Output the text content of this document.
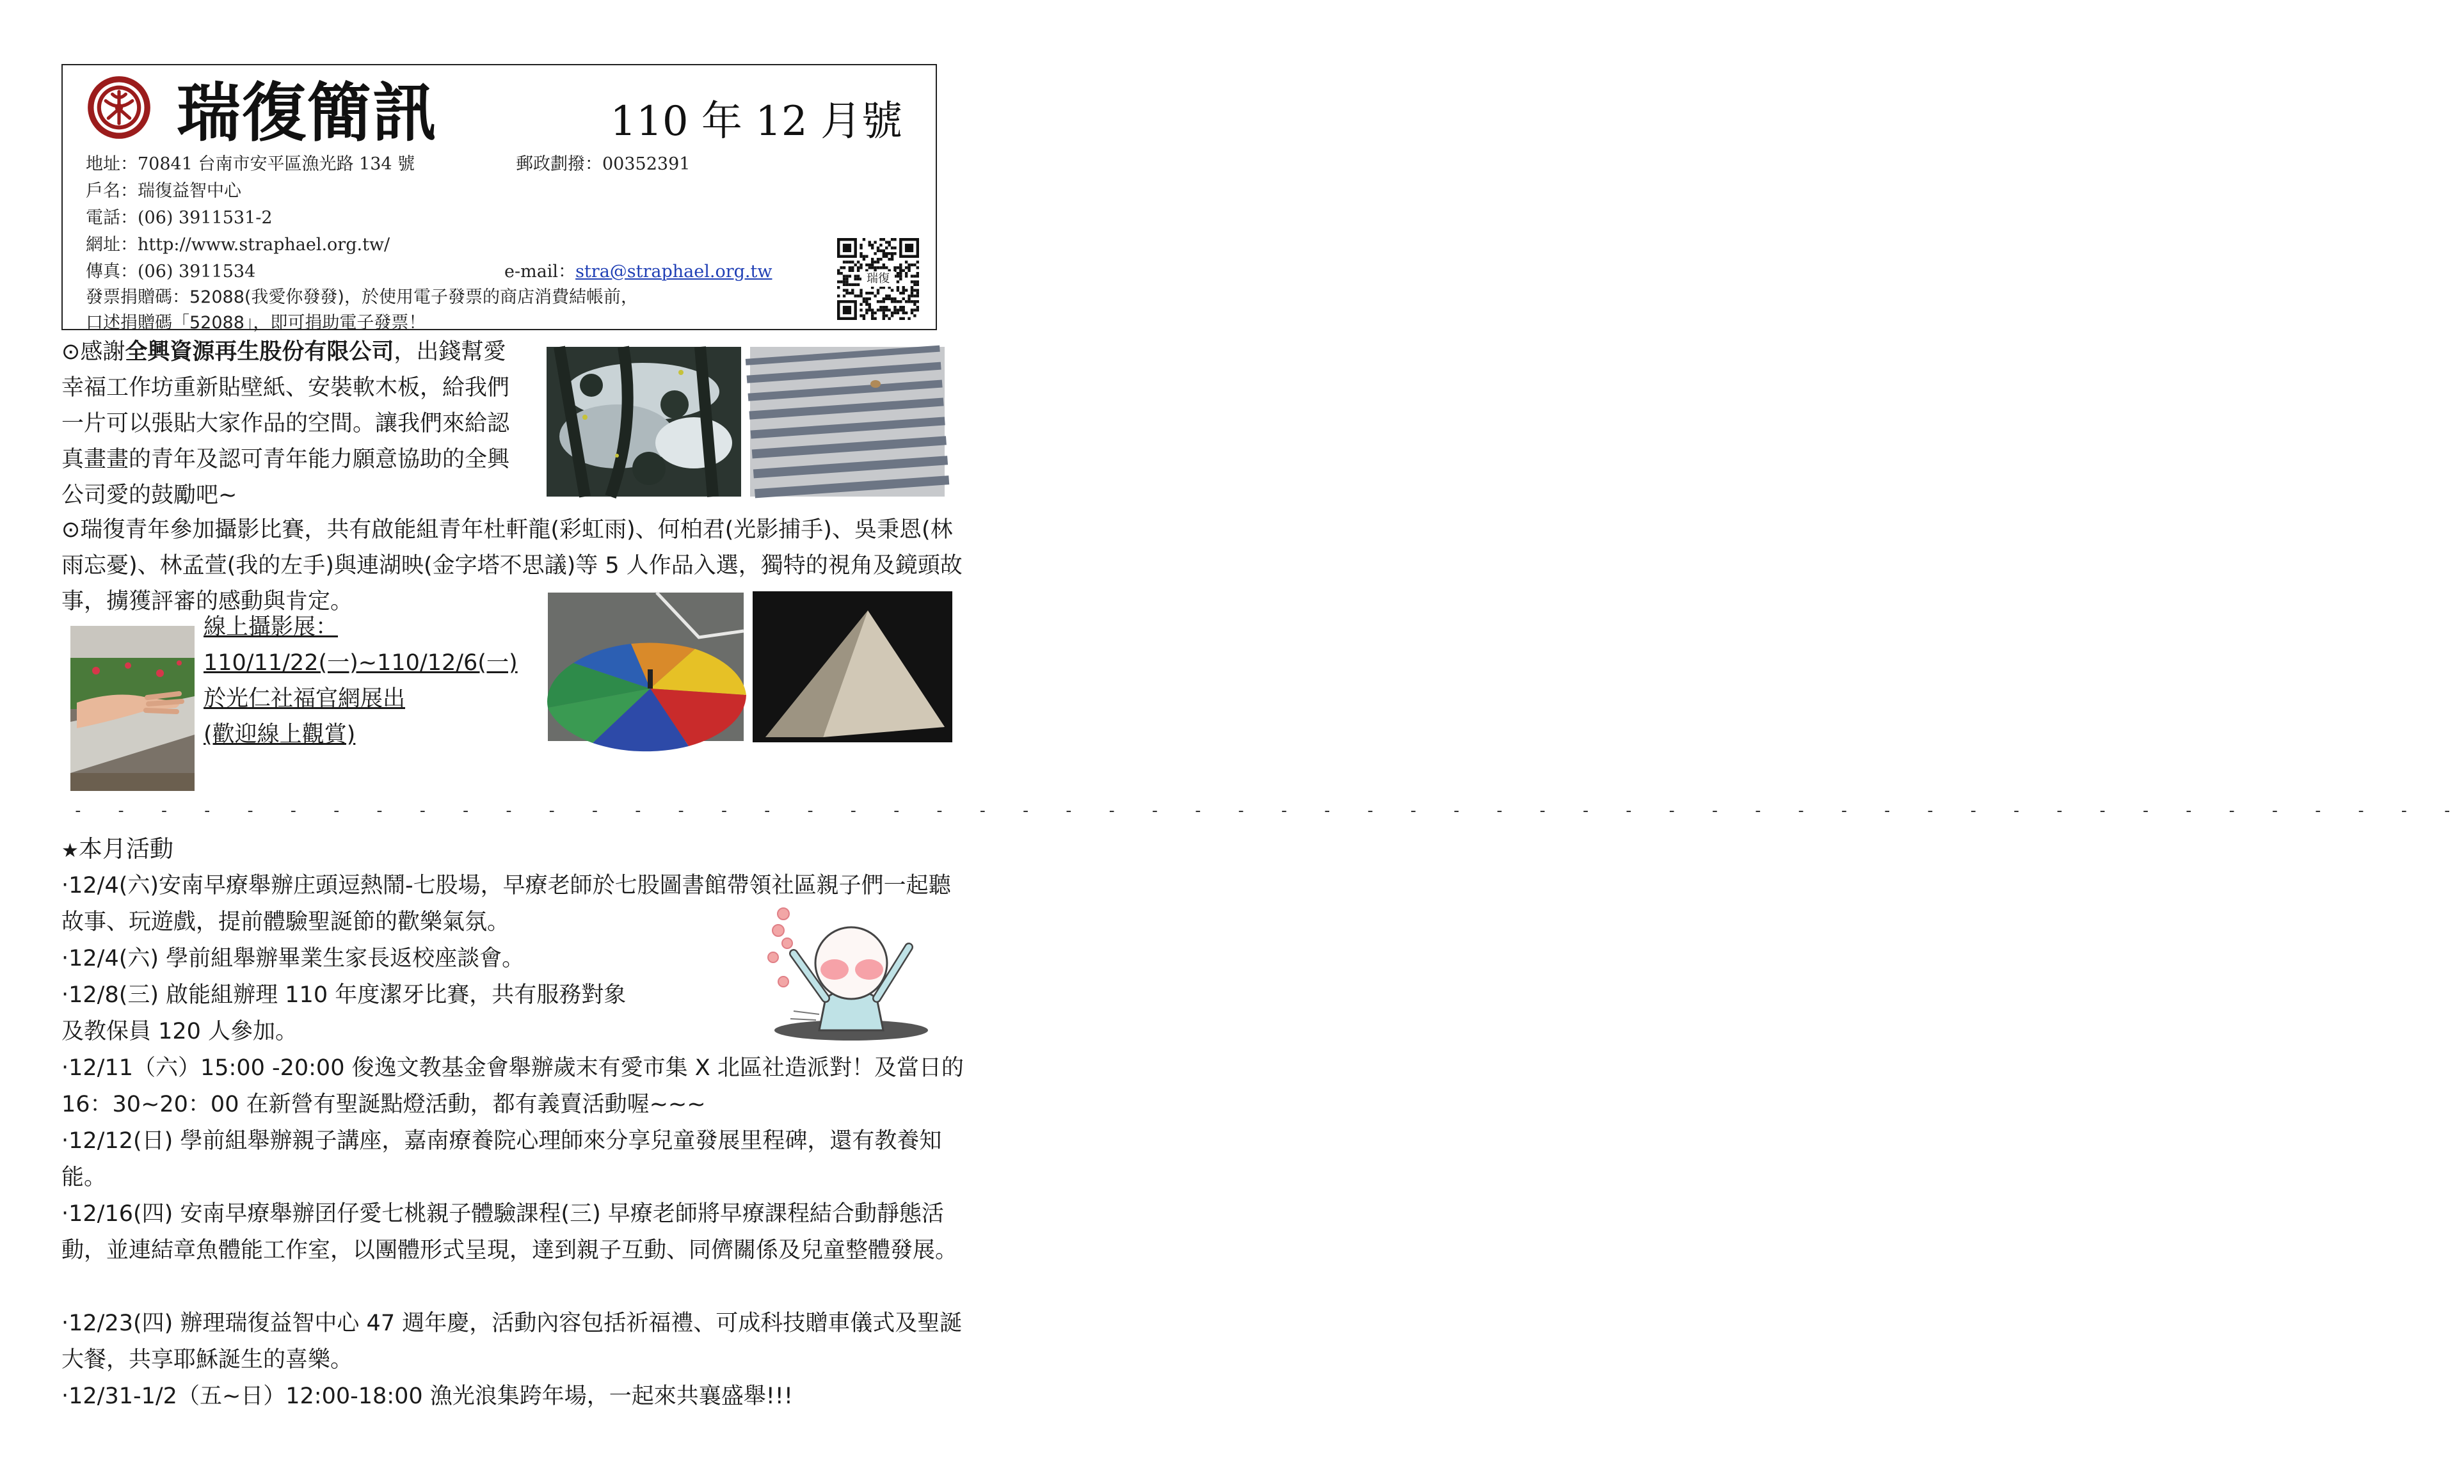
瑞復簡訊	110 年 12 月號
地址：70841 台南市安平區漁光路 134 號	郵政劃撥：00352391
戶名：瑞復益智中心
電話：(06) 3911531-2
網址：http://www.straphael.org.tw/
傳真：(06) 3911534	e-mail：stra@straphael.org.tw
發票捐贈碼：52088(我愛你發發)，於使用電子發票的商店消費結帳前，
口述捐贈碼「52088」，即可捐助電子發票！
瑞復
⊙感謝全興資源再生股份有限公司，出錢幫愛幸福工作坊重新貼壁紙、安裝軟木板，給我們一片可以張貼大家作品的空間。讓我們來給認真畫畫的青年及認可青年能力願意協助的全興公司愛的鼓勵吧~
⊙瑞復青年參加攝影比賽，共有啟能組青年杜軒龍(彩虹雨)、何柏君(光影捕手)、吳秉恩(林雨忘憂)、林孟萱(我的左手)與連湖映(金字塔不思議)等 5 人作品入選，獨特的視角及鏡頭故事，擄獲評審的感動與肯定。
線上攝影展：
110/11/22(一)~110/12/6(一)
於光仁社福官網展出
(歡迎線上觀賞)
- - - - - - - - - - - - - - - - - - - - - - - - - - - - - - - - - - - - - - - - - - - - - - - - - - - - - - - -
★本月活動
‧12/4(六)安南早療舉辦庄頭逗熱鬧-七股場，早療老師於七股圖書館帶領社區親子們一起聽故事、玩遊戲，提前體驗聖誕節的歡樂氣氛。
‧12/4(六) 學前組舉辦畢業生家長返校座談會。
‧12/8(三) 啟能組辦理 110 年度潔牙比賽，共有服務對象
及教保員 120 人參加。
‧12/11（六）15:00 -20:00 俊逸文教基金會舉辦歲末有愛市集 X 北區社造派對！及當日的 16：30~20：00 在新營有聖誕點燈活動，都有義賣活動喔~~~
‧12/12(日) 學前組舉辦親子講座，嘉南療養院心理師來分享兒童發展里程碑，還有教養知能。
‧12/16(四) 安南早療舉辦囝仔愛七桃親子體驗課程(三) 早療老師將早療課程結合動靜態活動，並連結章魚體能工作室，以團體形式呈現，達到親子互動、同儕關係及兒童整體發展。
‧12/23(四) 辦理瑞復益智中心 47 週年慶，活動內容包括祈福禮、可成科技贈車儀式及聖誕大餐，共享耶穌誕生的喜樂。
‧12/31-1/2（五~日）12:00-18:00 漁光浪集跨年場，一起來共襄盛舉!!!
